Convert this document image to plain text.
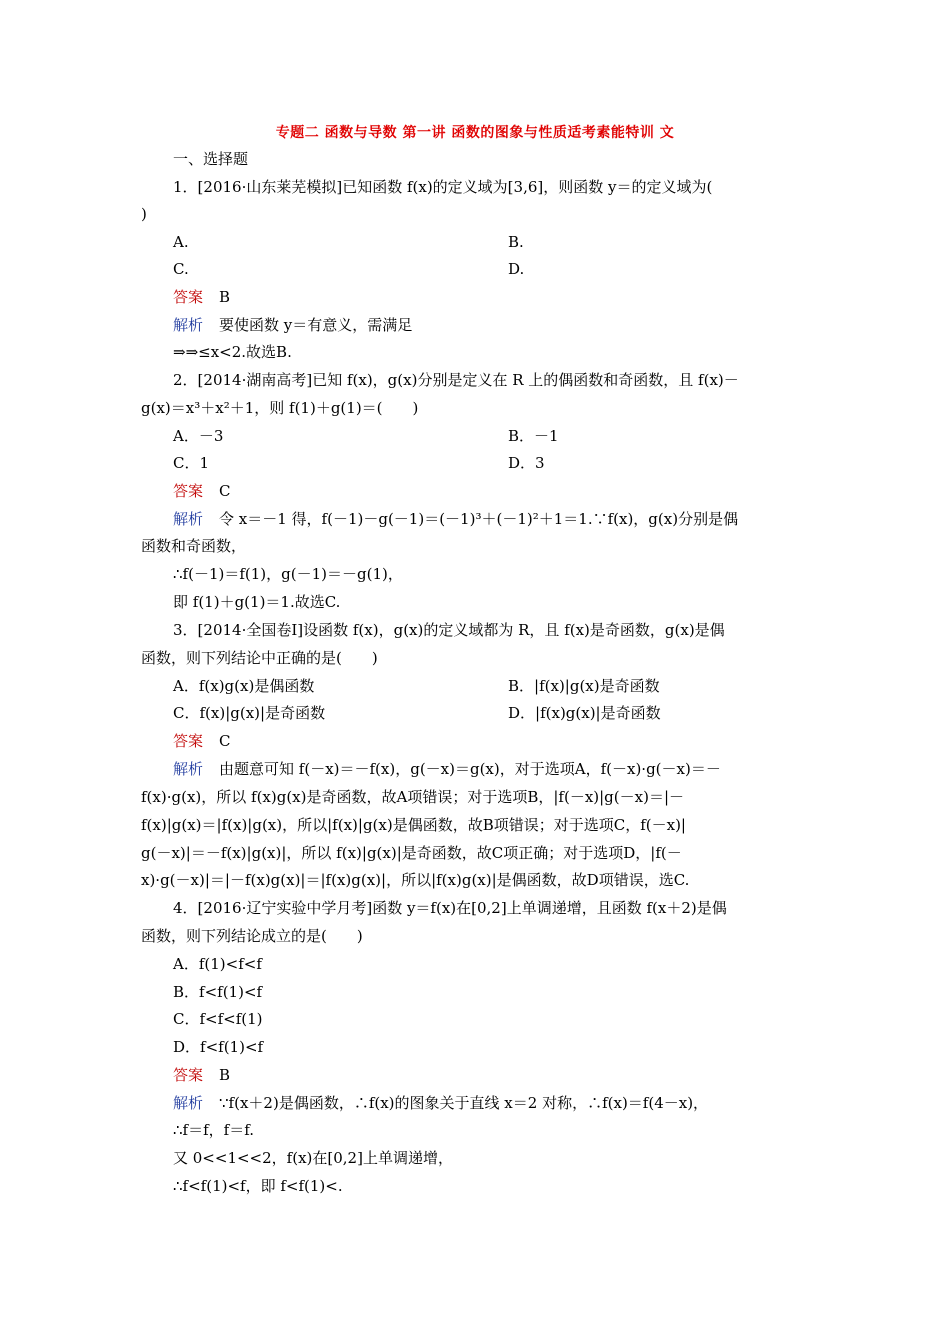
专题二 函数与导数 第一讲 函数的图象与性质适考素能特训 文
一、选择题
1．[2016·山东莱芜模拟]已知函数 f(x)的定义域为[3,6]，则函数 y＝的定义域为(
)
A.	B.
C.	D.
答案 B
解析 要使函数 y＝有意义，需满足
⇒⇒≤x<2.故选B.
2．[2014·湖南高考]已知 f(x)，g(x)分别是定义在 R 上的偶函数和奇函数，且 f(x)－
g(x)＝x³＋x²＋1，则 f(1)＋g(1)＝(　　)
A．－3	B．－1
C．1	D．3
答案 C
解析 令 x＝－1 得，f(－1)－g(－1)＝(－1)³＋(－1)²＋1＝1.∵f(x)，g(x)分别是偶
函数和奇函数，
∴f(－1)＝f(1)，g(－1)＝－g(1)，
即 f(1)＋g(1)＝1.故选C.
3．[2014·全国卷Ⅰ]设函数 f(x)，g(x)的定义域都为 R，且 f(x)是奇函数，g(x)是偶
函数，则下列结论中正确的是(　　)
A．f(x)g(x)是偶函数	B．|f(x)|g(x)是奇函数
C．f(x)|g(x)|是奇函数	D．|f(x)g(x)|是奇函数
答案 C
解析 由题意可知 f(－x)＝－f(x)，g(－x)＝g(x)，对于选项A，f(－x)·g(－x)＝－
f(x)·g(x)，所以 f(x)g(x)是奇函数，故A项错误；对于选项B，|f(－x)|g(－x)＝|－
f(x)|g(x)＝|f(x)|g(x)，所以|f(x)|g(x)是偶函数，故B项错误；对于选项C，f(－x)|
g(－x)|＝－f(x)|g(x)|，所以 f(x)|g(x)|是奇函数，故C项正确；对于选项D，|f(－
x)·g(－x)|＝|－f(x)g(x)|＝|f(x)g(x)|，所以|f(x)g(x)|是偶函数，故D项错误，选C.
4．[2016·辽宁实验中学月考]函数 y＝f(x)在[0,2]上单调递增，且函数 f(x＋2)是偶
函数，则下列结论成立的是(　　)
A．f(1)<f<f
B．f<f(1)<f
C．f<f<f(1)
D．f<f(1)<f
答案 B
解析 ∵f(x＋2)是偶函数，∴f(x)的图象关于直线 x＝2 对称，∴f(x)＝f(4－x)，
∴f＝f，f＝f.
又 0<<1<<2，f(x)在[0,2]上单调递增，
∴f<f(1)<f，即 f<f(1)<.
